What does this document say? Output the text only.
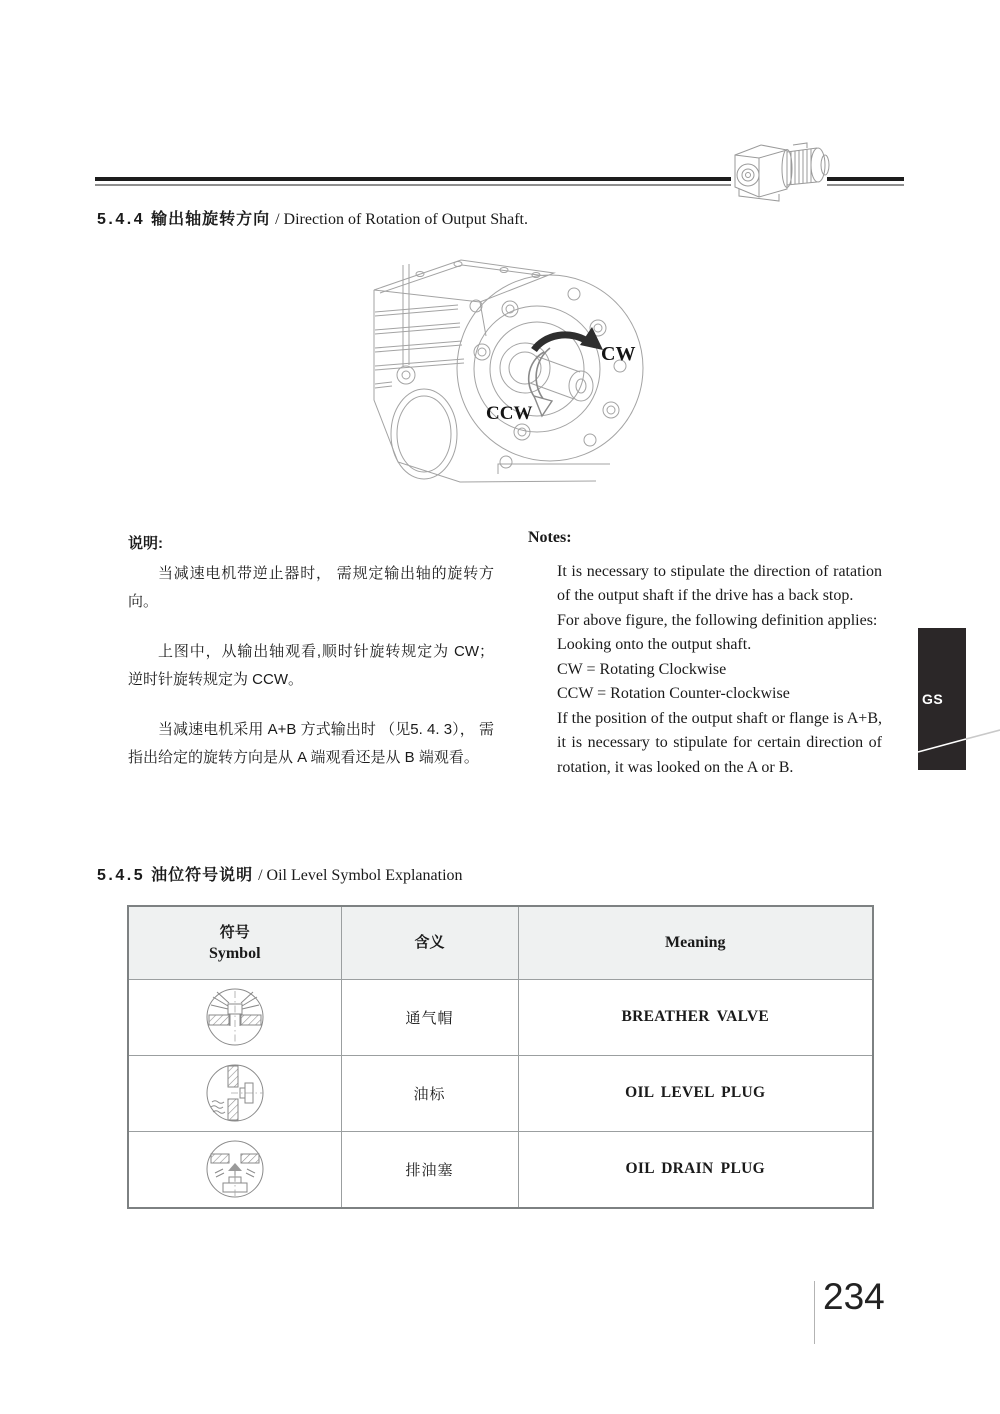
5.4.4 输出轴旋转方向 / Direction of Rotation of Output Shaft.
CW
CCW
说明:

当减速电机带逆止器时， 需规定输出轴的旋转方向。

上图中，从输出轴观看,顺时针旋转规定为 CW； 逆时针旋转规定为 CCW。

当减速电机采用 A+B 方式输出时 （见5. 4. 3）， 需指出给定的旋转方向是从 A 端观看还是从 B 端观看。

Notes:

It is necessary to stipulate the direction of ratation of the output shaft if the drive has a back stop.

For above figure, the following definition applies:

Looking onto the output shaft.

CW = Rotating Clockwise

CCW = Rotation Counter-clockwise

If the position of the output shaft or flange is A+B, it is necessary to stipulate for certain direction of rotation, it was looked on the A or B.

GS
5.4.5 油位符号说明 / Oil Level Symbol Explanation
符号
Symbol	含义	Meaning

	通气帽	BREATHER VALVE

	油标	OIL LEVEL PLUG

	排油塞	OIL DRAIN PLUG
234
